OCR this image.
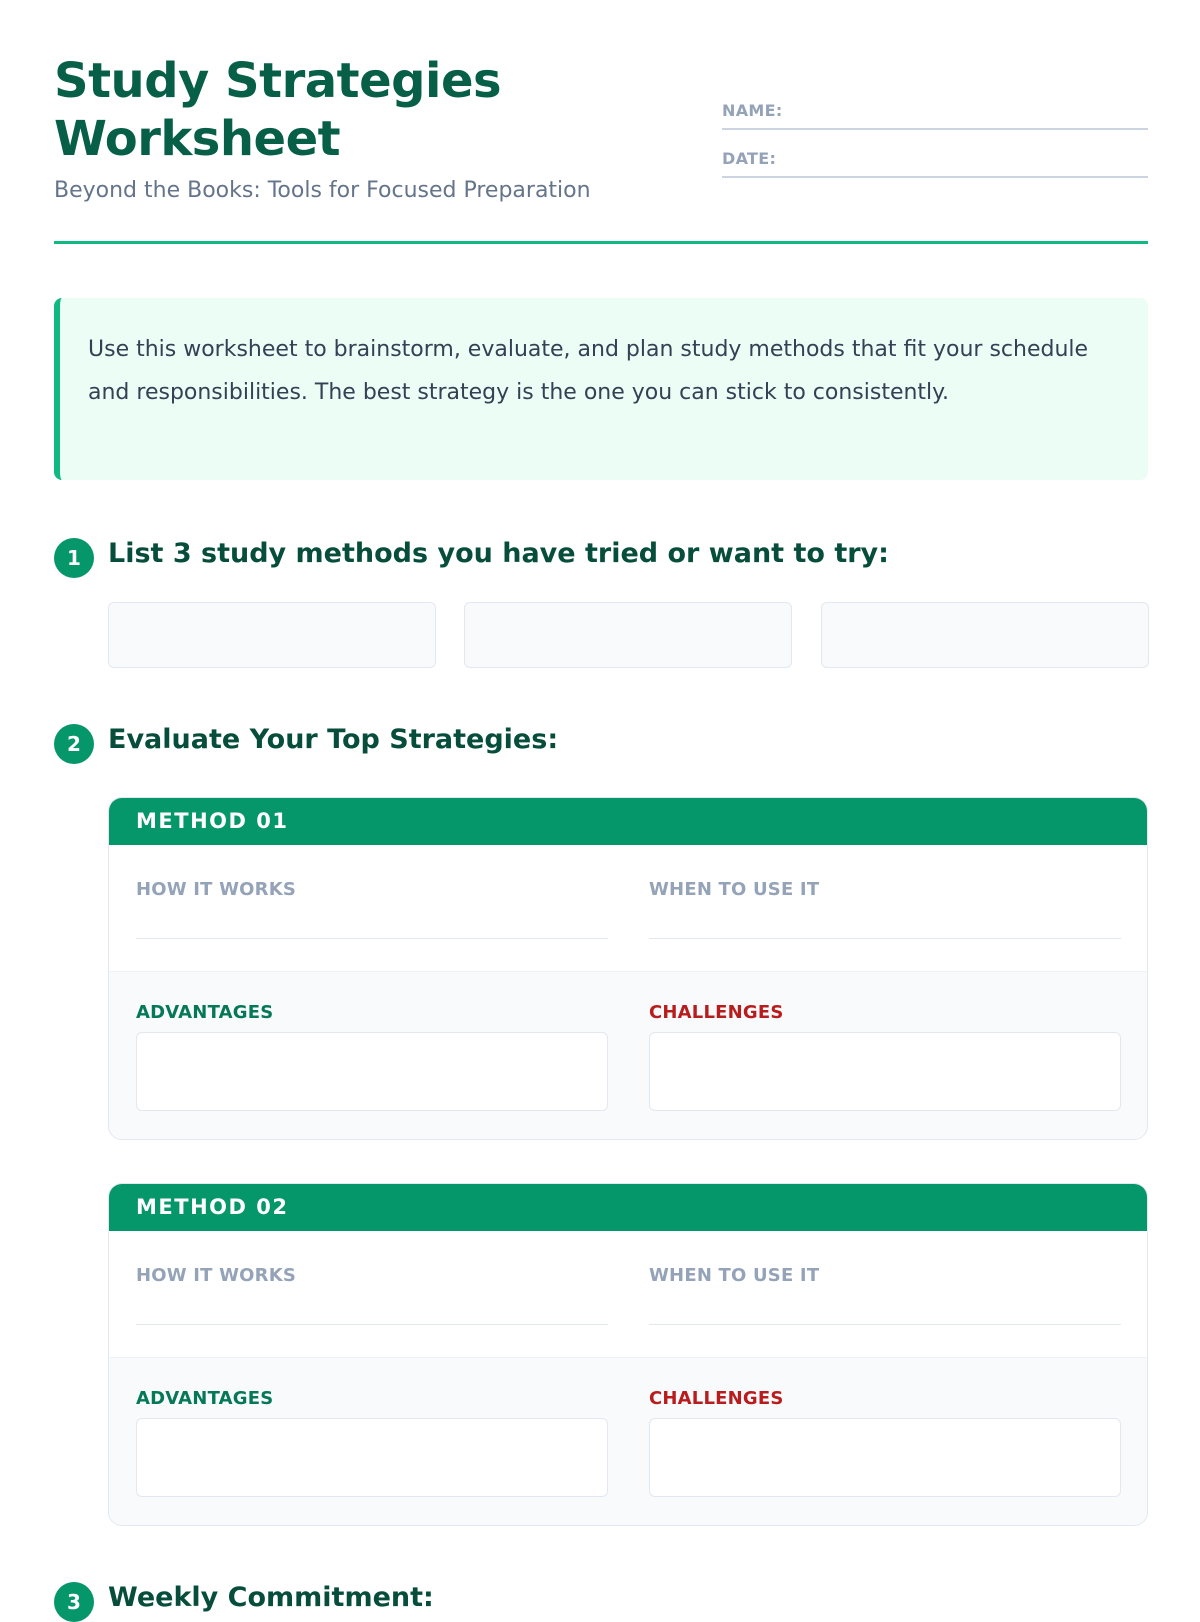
Study Strategies Worksheet
Beyond the Books: Tools for Focused Preparation
NAME:
DATE:

Use this worksheet to brainstorm, evaluate, and plan study methods that fit your schedule and responsibilities. The best strategy is the one you can stick to consistently.

1	List 3 study methods you have tried or want to try:
2	Evaluate Your Top Strategies:
METHOD 01
HOW IT WORKS	WHEN TO USE IT
ADVANTAGES	CHALLENGES
METHOD 02
HOW IT WORKS	WHEN TO USE IT
ADVANTAGES	CHALLENGES
3	Weekly Commitment:
